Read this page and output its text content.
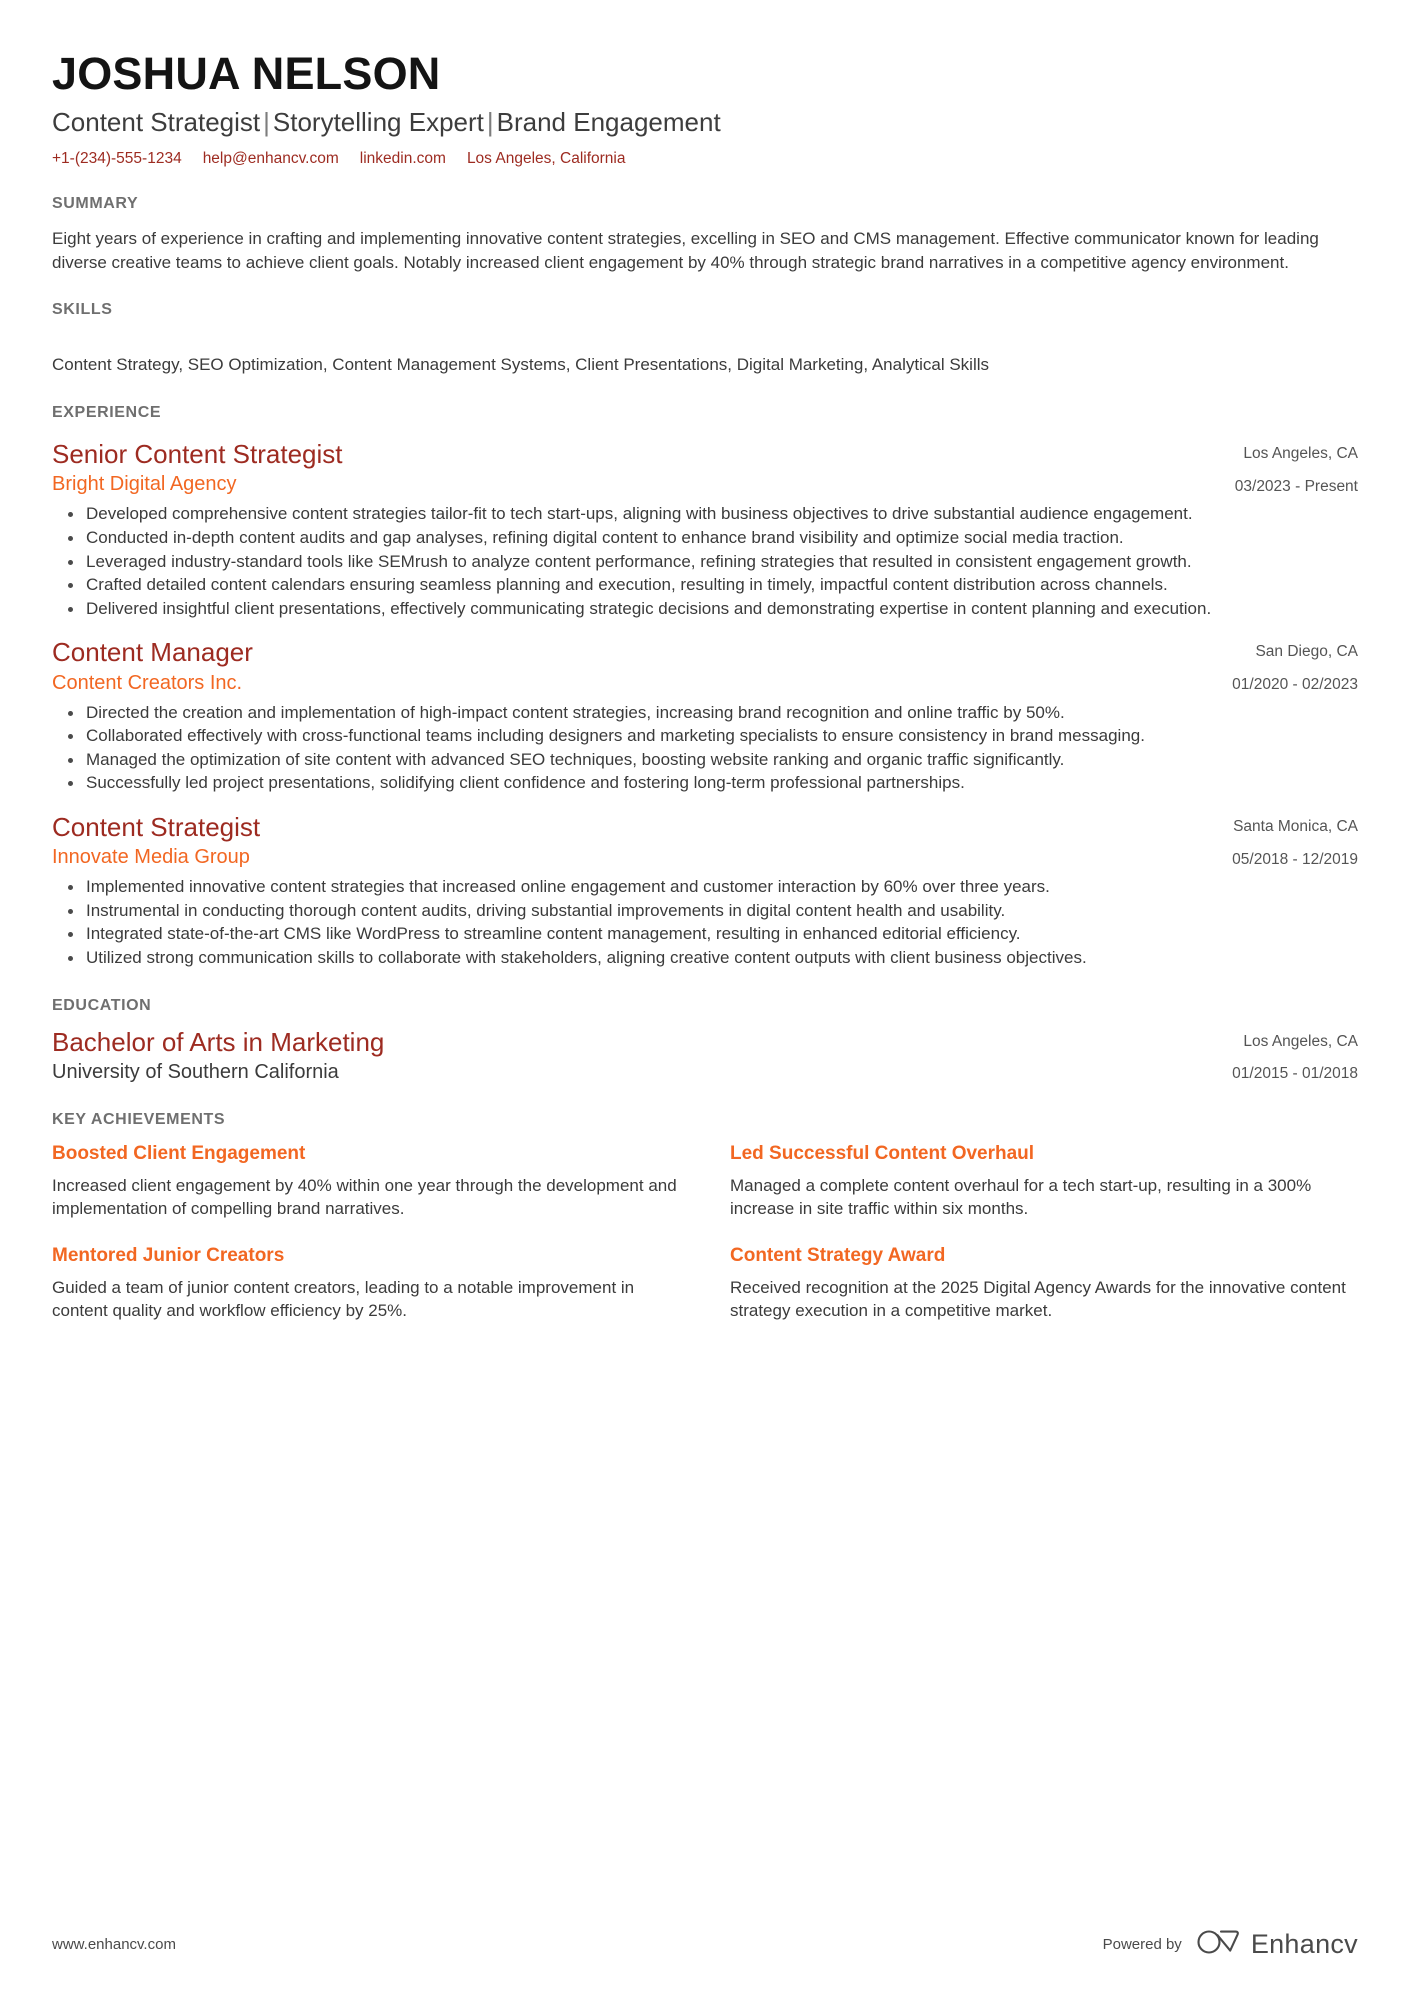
JOSHUA NELSON
Content Strategist | Storytelling Expert | Brand Engagement
+1-(234)-555-1234 help@enhancv.com linkedin.com Los Angeles, California
SUMMARY
Eight years of experience in crafting and implementing innovative content strategies, excelling in SEO and CMS management. Effective communicator known for leading diverse creative teams to achieve client goals. Notably increased client engagement by 40% through strategic brand narratives in a competitive agency environment.
SKILLS
Content Strategy, SEO Optimization, Content Management Systems, Client Presentations, Digital Marketing, Analytical Skills
EXPERIENCE
Senior Content Strategist
Bright Digital Agency
Los Angeles, CA
03/2023 - Present
Developed comprehensive content strategies tailor-fit to tech start-ups, aligning with business objectives to drive substantial audience engagement.
Conducted in-depth content audits and gap analyses, refining digital content to enhance brand visibility and optimize social media traction.
Leveraged industry-standard tools like SEMrush to analyze content performance, refining strategies that resulted in consistent engagement growth.
Crafted detailed content calendars ensuring seamless planning and execution, resulting in timely, impactful content distribution across channels.
Delivered insightful client presentations, effectively communicating strategic decisions and demonstrating expertise in content planning and execution.
Content Manager
Content Creators Inc.
San Diego, CA
01/2020 - 02/2023
Directed the creation and implementation of high-impact content strategies, increasing brand recognition and online traffic by 50%.
Collaborated effectively with cross-functional teams including designers and marketing specialists to ensure consistency in brand messaging.
Managed the optimization of site content with advanced SEO techniques, boosting website ranking and organic traffic significantly.
Successfully led project presentations, solidifying client confidence and fostering long-term professional partnerships.
Content Strategist
Innovate Media Group
Santa Monica, CA
05/2018 - 12/2019
Implemented innovative content strategies that increased online engagement and customer interaction by 60% over three years.
Instrumental in conducting thorough content audits, driving substantial improvements in digital content health and usability.
Integrated state-of-the-art CMS like WordPress to streamline content management, resulting in enhanced editorial efficiency.
Utilized strong communication skills to collaborate with stakeholders, aligning creative content outputs with client business objectives.
EDUCATION
Bachelor of Arts in Marketing
University of Southern California
Los Angeles, CA
01/2015 - 01/2018
KEY ACHIEVEMENTS
Boosted Client Engagement
Increased client engagement by 40% within one year through the development and implementation of compelling brand narratives.
Led Successful Content Overhaul
Managed a complete content overhaul for a tech start-up, resulting in a 300% increase in site traffic within six months.
Mentored Junior Creators
Guided a team of junior content creators, leading to a notable improvement in content quality and workflow efficiency by 25%.
Content Strategy Award
Received recognition at the 2025 Digital Agency Awards for the innovative content strategy execution in a competitive market.
www.enhancv.com	Powered by	Enhancv
